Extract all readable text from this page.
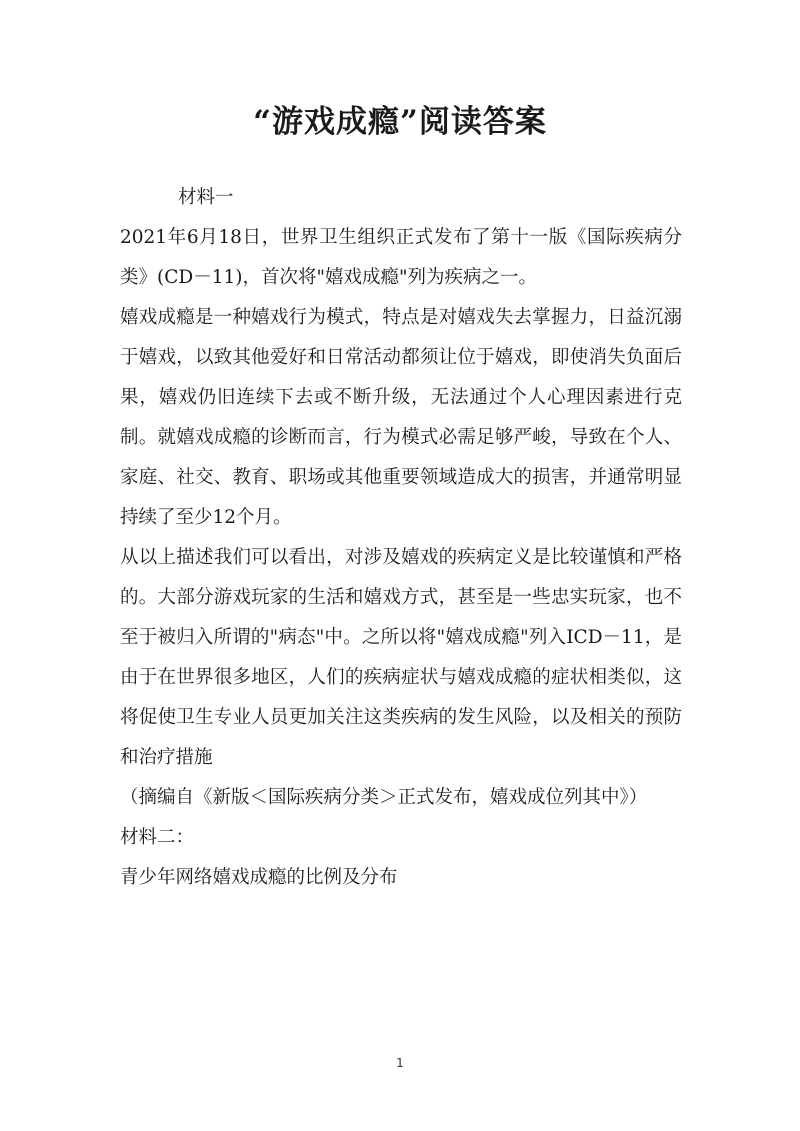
“游戏成瘾”阅读答案

材料一

2021年6月18日，世界卫生组织正式发布了第十一版《国际疾病分类》(CD－11)，首次将"嬉戏成瘾"列为疾病之一。

嬉戏成瘾是一种嬉戏行为模式，特点是对嬉戏失去掌握力，日益沉溺于嬉戏，以致其他爱好和日常活动都须让位于嬉戏，即使消失负面后果，嬉戏仍旧连续下去或不断升级，无法通过个人心理因素进行克制。就嬉戏成瘾的诊断而言，行为模式必需足够严峻，导致在个人、家庭、社交、教育、职场或其他重要领域造成大的损害，并通常明显持续了至少12个月。

从以上描述我们可以看出，对涉及嬉戏的疾病定义是比较谨慎和严格的。大部分游戏玩家的生活和嬉戏方式，甚至是一些忠实玩家，也不至于被归入所谓的"病态"中。之所以将"嬉戏成瘾"列入ICD－11，是由于在世界很多地区，人们的疾病症状与嬉戏成瘾的症状相类似，这将促使卫生专业人员更加关注这类疾病的发生风险，以及相关的预防和治疗措施

（摘编自《新版＜国际疾病分类＞正式发布，嬉戏成位列其中》）

材料二：

青少年网络嬉戏成瘾的比例及分布

1
